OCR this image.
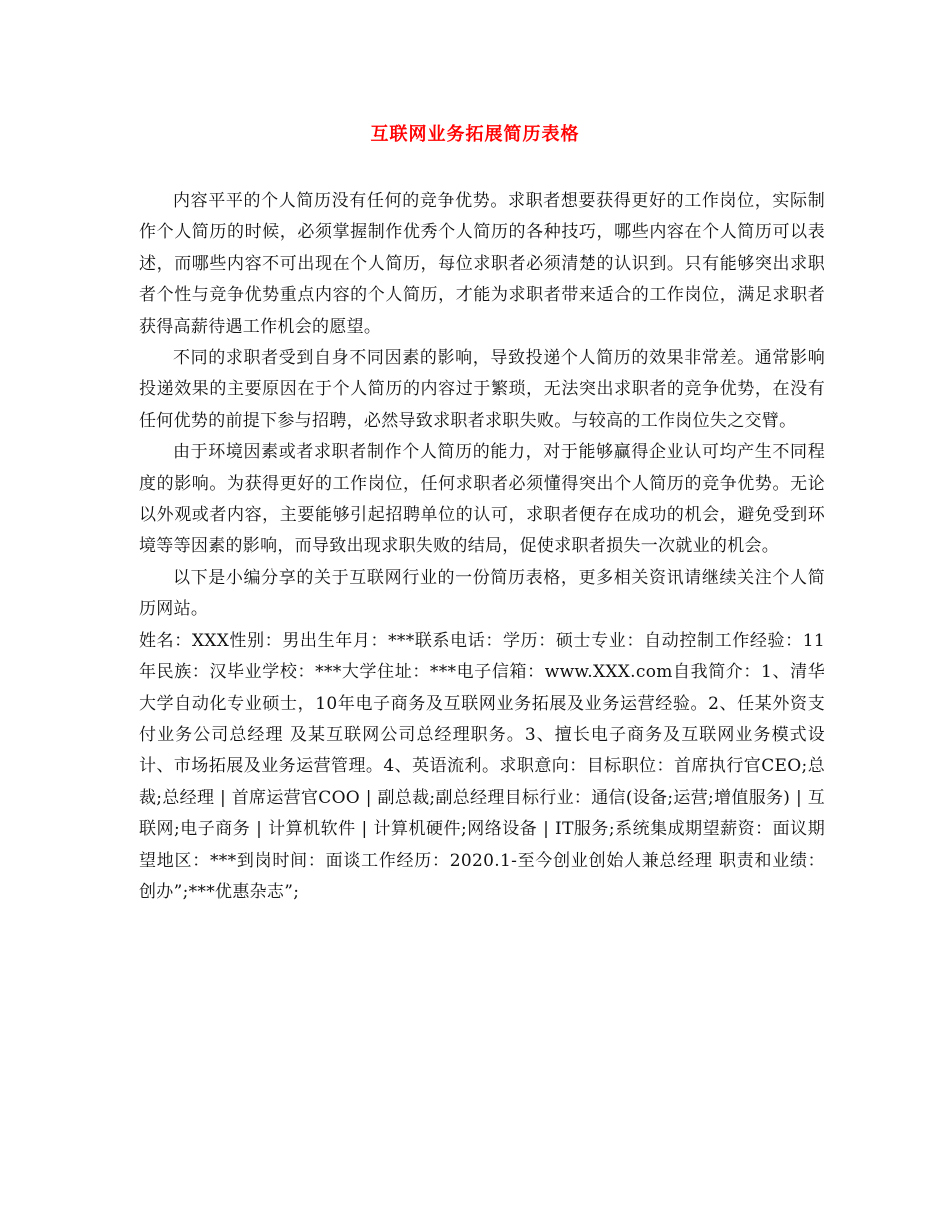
互联网业务拓展简历表格

内容平平的个人简历没有任何的竞争优势。求职者想要获得更好的工作岗位，实际制作个人简历的时候，必须掌握制作优秀个人简历的各种技巧，哪些内容在个人简历可以表述，而哪些内容不可出现在个人简历，每位求职者必须清楚的认识到。只有能够突出求职者个性与竞争优势重点内容的个人简历，才能为求职者带来适合的工作岗位，满足求职者获得高薪待遇工作机会的愿望。

不同的求职者受到自身不同因素的影响，导致投递个人简历的效果非常差。通常影响投递效果的主要原因在于个人简历的内容过于繁琐，无法突出求职者的竞争优势，在没有任何优势的前提下参与招聘，必然导致求职者求职失败。与较高的工作岗位失之交臂。

由于环境因素或者求职者制作个人简历的能力，对于能够赢得企业认可均产生不同程度的影响。为获得更好的工作岗位，任何求职者必须懂得突出个人简历的竞争优势。无论以外观或者内容，主要能够引起招聘单位的认可，求职者便存在成功的机会，避免受到环境等等因素的影响，而导致出现求职失败的结局，促使求职者损失一次就业的机会。

以下是小编分享的关于互联网行业的一份简历表格，更多相关资讯请继续关注个人简历网站。

姓名：XXX性别：男出生年月：***联系电话：学历：硕士专业：自动控制工作经验：11年民族：汉毕业学校：***大学住址：***电子信箱：www.XXX.com自我简介：1、清华大学自动化专业硕士，10年电子商务及互联网业务拓展及业务运营经验。2、任某外资支付业务公司总经理 及某互联网公司总经理职务。3、擅长电子商务及互联网业务模式设计、市场拓展及业务运营管理。4、英语流利。求职意向：目标职位：首席执行官CEO;总裁;总经理 | 首席运营官COO | 副总裁;副总经理目标行业：通信(设备;运营;增值服务) | 互联网;电子商务 | 计算机软件 | 计算机硬件;网络设备 | IT服务;系统集成期望薪资：面议期望地区：***到岗时间：面谈工作经历：2020.1-至今创业创始人兼总经理 职责和业绩：创办”;***优惠杂志”;
